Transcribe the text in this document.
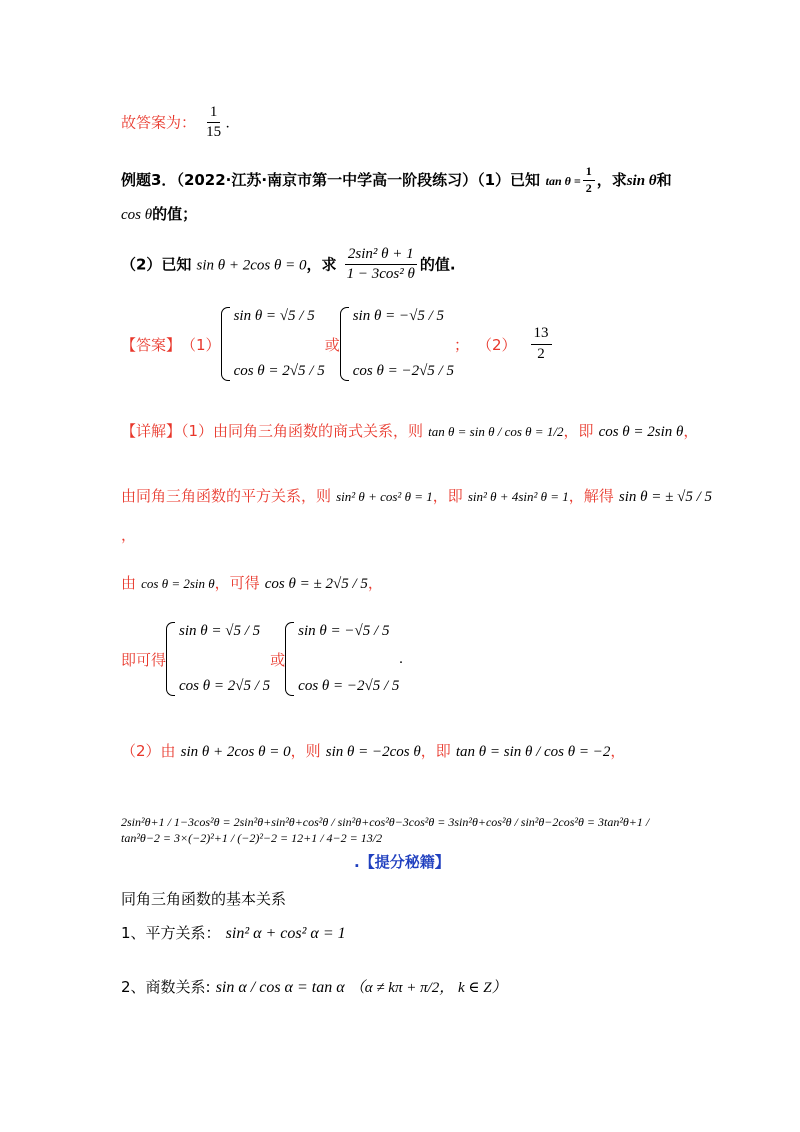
故答案为： $\frac{1}{15}$ .
例题3．（2022·江苏·南京市第一中学高一阶段练习）（1）已知 $\tan \theta = \frac{1}{2}$ ，求sin θ和
cos θ的值；
（2）已知 sin θ + 2cos θ = 0，求 $\frac{\text{2sin² θ + 1}}{\text{1 − 3cos² θ}}$ 的值.
【答案】 （1）
sin θ = √5 / 5
cos θ = 2√5 / 5
或
sin θ = −√5 / 5
cos θ = −2√5 / 5
； $(2) \frac{13}{2}$
【详解】（1）由同角三角函数的商式关系，则 tan θ = sin θ / cos θ = 1/2，即 cos θ = 2sin θ，
由同角三角函数的平方关系，则 sin² θ + cos² θ = 1，即 sin² θ + 4sin² θ = 1，解得 sin θ = ± √5 / 5
，
由 cos θ = 2sin θ，可得 cos θ = ± 2√5 / 5，
即可得
sin θ = √5 / 5
cos θ = 2√5 / 5
或
sin θ = −√5 / 5
cos θ = −2√5 / 5
.
（2）由 sin θ + 2cos θ = 0，则 sin θ = −2cos θ，即 tan θ = sin θ / cos θ = −2，
2sin²θ+1 / 1−3cos²θ = 2sin²θ+sin²θ+cos²θ / sin²θ+cos²θ−3cos²θ = 3sin²θ+cos²θ / sin²θ−2cos²θ = 3tan²θ+1 / tan²θ−2 = 3×(−2)²+1 / (−2)²−2 = 12+1 / 4−2 = 13/2
.【提分秘籍】
同角三角函数的基本关系
1、平方关系： sin² α + cos² α = 1
2、商数关系: sin α / cos α = tan α （α ≠ kπ + π/2， k ∈ Z）
